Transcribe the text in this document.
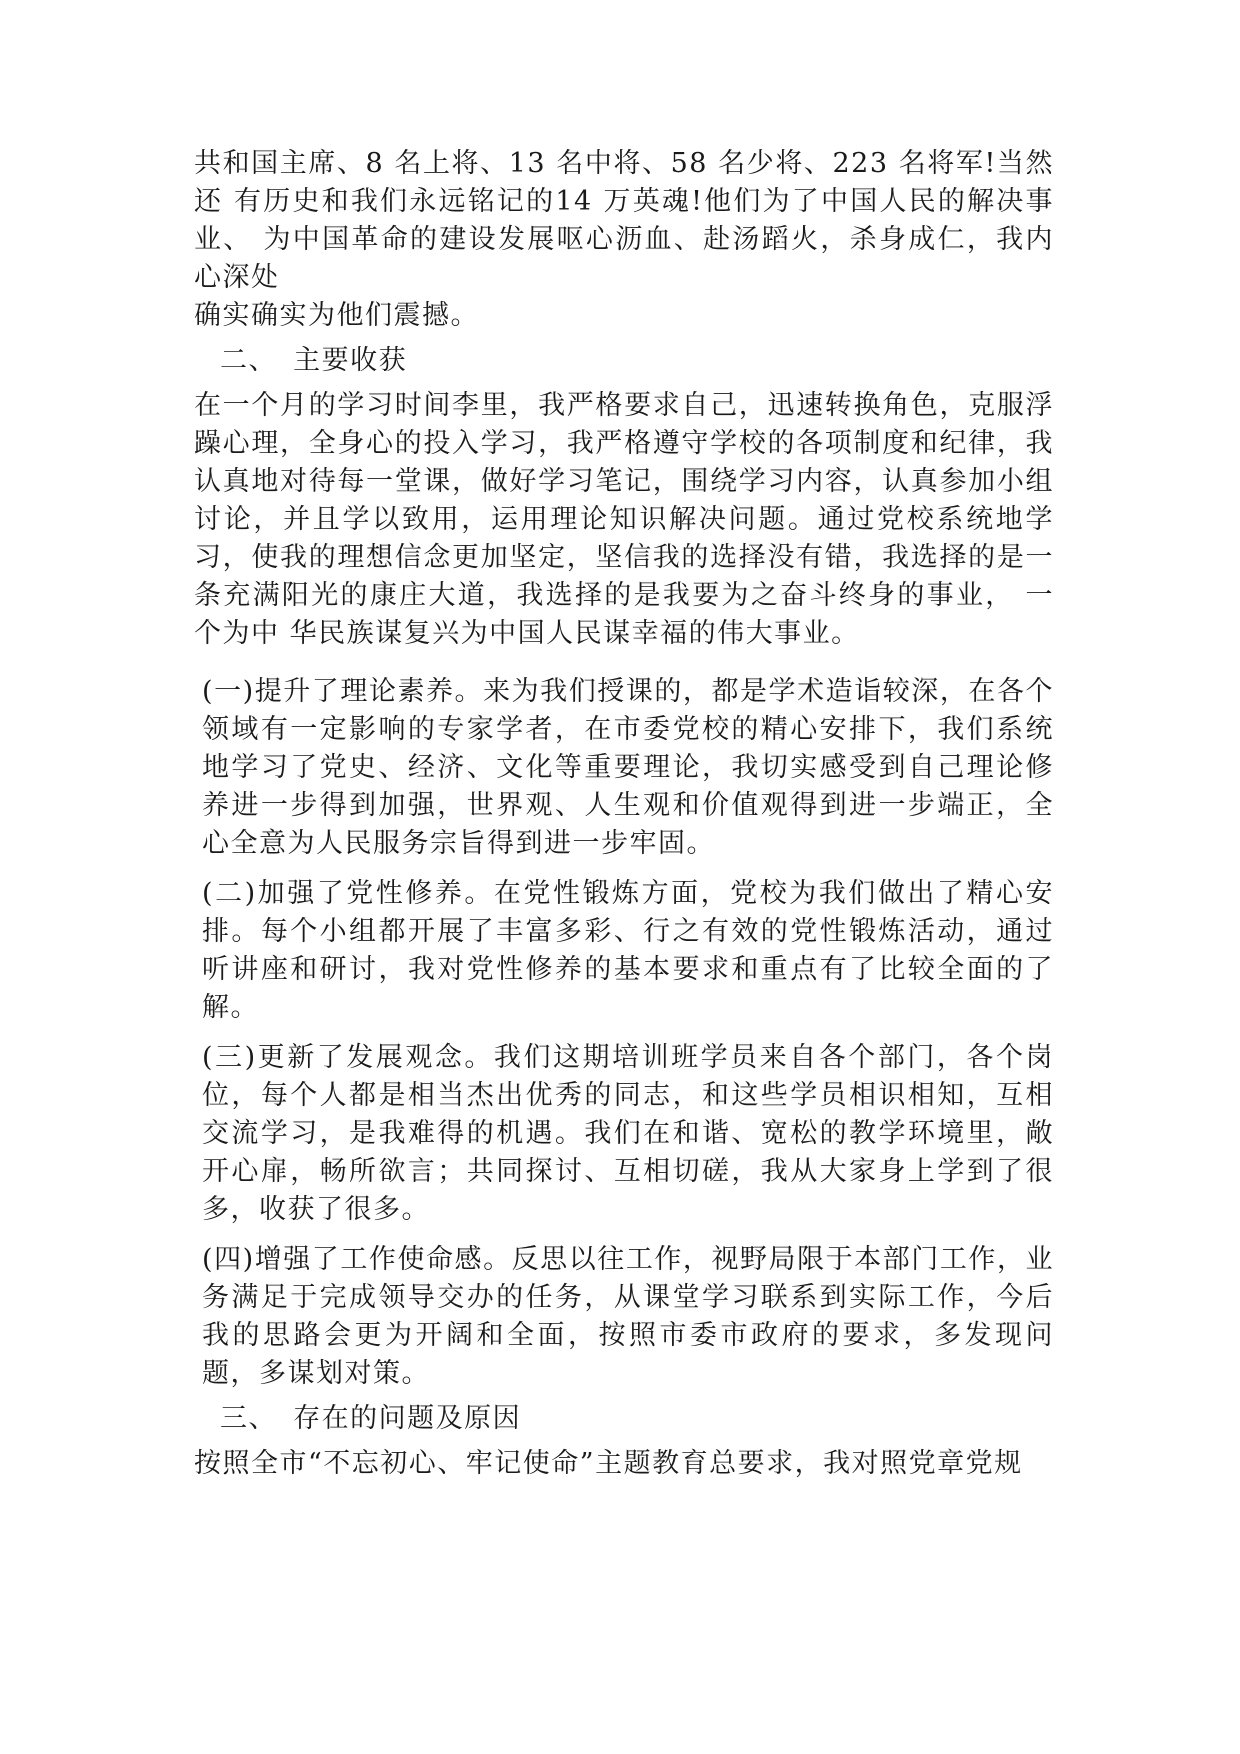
共和国主席、8 名上将、13 名中将、58 名少将、223 名将军!当然还 有历史和我们永远铭记的14 万英魂!他们为了中国人民的解决事业、 为中国革命的建设发展呕心沥血、赴汤蹈火，杀身成仁，我内心深处

确实确实为他们震撼。

二、 主要收获

在一个月的学习时间李里，我严格要求自己，迅速转换角色，克服浮躁心理，全身心的投入学习，我严格遵守学校的各项制度和纪律，我认真地对待每一堂课，做好学习笔记，围绕学习内容，认真参加小组讨论，并且学以致用，运用理论知识解决问题。通过党校系统地学习，使我的理想信念更加坚定，坚信我的选择没有错，我选择的是一条充满阳光的康庄大道，我选择的是我要为之奋斗终身的事业， 一个为中 华民族谋复兴为中国人民谋幸福的伟大事业。

(一)提升了理论素养。来为我们授课的，都是学术造诣较深，在各个领域有一定影响的专家学者，在市委党校的精心安排下，我们系统地学习了党史、经济、文化等重要理论，我切实感受到自己理论修养进一步得到加强，世界观、人生观和价值观得到进一步端正，全心全意为人民服务宗旨得到进一步牢固。

(二)加强了党性修养。在党性锻炼方面，党校为我们做出了精心安排。每个小组都开展了丰富多彩、行之有效的党性锻炼活动，通过听讲座和研讨，我对党性修养的基本要求和重点有了比较全面的了解。

(三)更新了发展观念。我们这期培训班学员来自各个部门，各个岗位，每个人都是相当杰出优秀的同志，和这些学员相识相知，互相交流学习，是我难得的机遇。我们在和谐、宽松的教学环境里，敞开心扉，畅所欲言；共同探讨、互相切磋，我从大家身上学到了很多，收获了很多。

(四)增强了工作使命感。反思以往工作，视野局限于本部门工作，业务满足于完成领导交办的任务，从课堂学习联系到实际工作，今后我的思路会更为开阔和全面，按照市委市政府的要求，多发现问题，多谋划对策。

三、 存在的问题及原因

按照全市“不忘初心、牢记使命”主题教育总要求，我对照党章党规
